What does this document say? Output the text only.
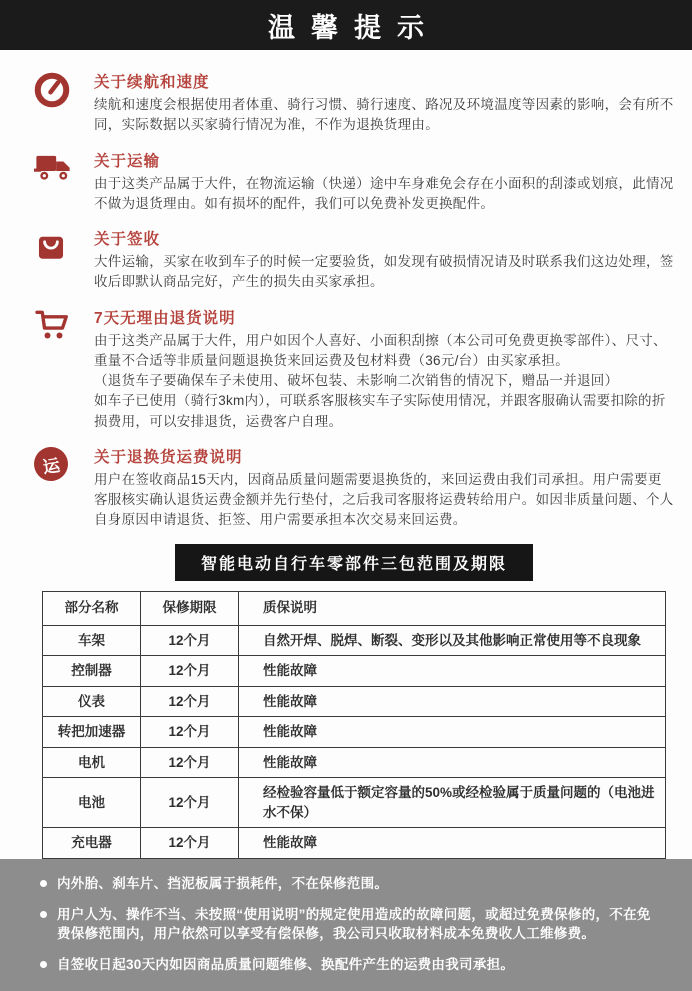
温馨提示
关于续航和速度

续航和速度会根据使用者体重、骑行习惯、骑行速度、路况及环境温度等因素的影响，会有所不同，实际数据以买家骑行情况为准，不作为退换货理由。

关于运输

由于这类产品属于大件，在物流运输（快递）途中车身难免会存在小面积的刮漆或划痕，此情况不做为退货理由。如有损坏的配件，我们可以免费补发更换配件。

关于签收

大件运输，买家在收到车子的时候一定要验货，如发现有破损情况请及时联系我们这边处理，签收后即默认商品完好，产生的损失由买家承担。

7天无理由退货说明

由于这类产品属于大件，用户如因个人喜好、小面积刮擦（本公司可免费更换零部件）、尺寸、重量不合适等非质量问题退换货来回运费及包材料费（36元/台）由买家承担。

（退货车子要确保车子未使用、破坏包装、未影响二次销售的情况下，赠品一并退回）

如车子已使用（骑行3km内），可联系客服核实车子实际使用情况，并跟客服确认需要扣除的折损费用，可以安排退货，运费客户自理。

运	关于退换货运费说明

用户在签收商品15天内，因商品质量问题需要退换货的，来回运费由我们司承担。用户需要更客服核实确认退货运费金额并先行垫付，之后我司客服将运费转给用户。如因非质量问题、个人自身原因申请退货、拒签、用户需要承担本次交易来回运费。

智能电动自行车零部件三包范围及期限
部分名称	保修期限	质保说明
车架	12个月	自然开焊、脱焊、断裂、变形以及其他影响正常使用等不良现象
控制器	12个月	性能故障
仪表	12个月	性能故障
转把加速器	12个月	性能故障
电机	12个月	性能故障
电池	12个月	经检验容量低于额定容量的50%或经检验属于质量问题的（电池进水不保）
充电器	12个月	性能故障
内外胎、刹车片、挡泥板属于损耗件，不在保修范围。
用户人为、操作不当、未按照“使用说明”的规定使用造成的故障问题，或超过免费保修的，不在免费保修范围内，用户依然可以享受有偿保修，我公司只收取材料成本免费收人工维修费。
自签收日起30天内如因商品质量问题维修、换配件产生的运费由我司承担。
